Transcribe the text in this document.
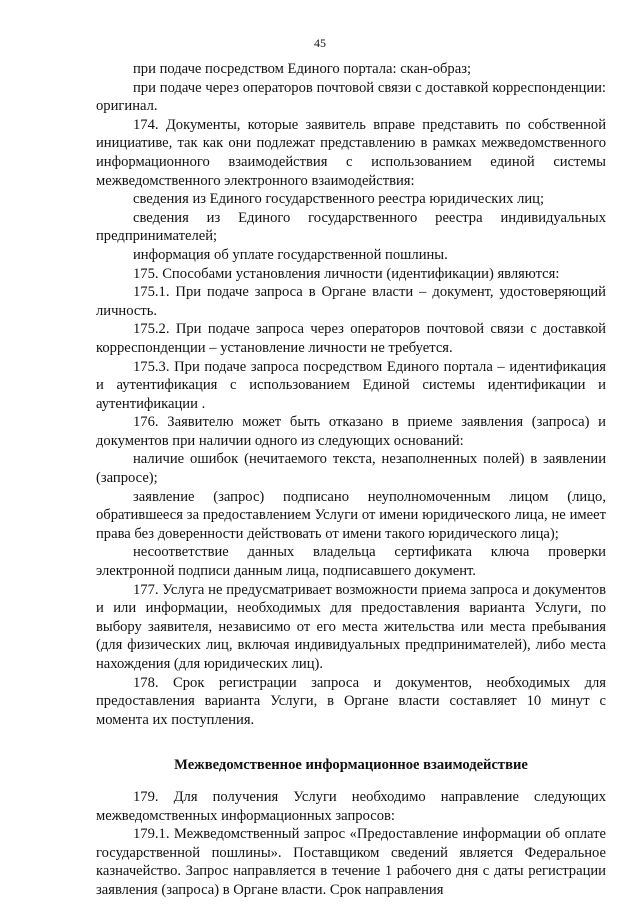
45

при подаче посредством Единого портала: скан-образ;

при подаче через операторов почтовой связи с доставкой корреспонденции: оригинал.

174. Документы, которые заявитель вправе представить по собственной инициативе, так как они подлежат представлению в рамках межведомственного информационного взаимодействия с использованием единой системы межведомственного электронного взаимодействия:

сведения из Единого государственного реестра юридических лиц;

сведения из Единого государственного реестра индивидуальных предпринимателей;

информация об уплате государственной пошлины.

175. Способами установления личности (идентификации) являются:

175.1. При подаче запроса в Органе власти – документ, удостоверяющий личность.

175.2. При подаче запроса через операторов почтовой связи с доставкой корреспонденции – установление личности не требуется.

175.3. При подаче запроса посредством Единого портала – идентификация и аутентификация с использованием Единой системы идентификации и аутентификации .

176. Заявителю может быть отказано в приеме заявления (запроса) и документов при наличии одного из следующих оснований:

наличие ошибок (нечитаемого текста, незаполненных полей) в заявлении (запросе);

заявление (запрос) подписано неуполномоченным лицом (лицо, обратившееся за предоставлением Услуги от имени юридического лица, не имеет права без доверенности действовать от имени такого юридического лица);

несоответствие данных владельца сертификата ключа проверки электронной подписи данным лица, подписавшего документ.

177. Услуга не предусматривает возможности приема запроса и документов и или информации, необходимых для предоставления варианта Услуги, по выбору заявителя, независимо от его места жительства или места пребывания (для физических лиц, включая индивидуальных предпринимателей), либо места нахождения (для юридических лиц).

178. Срок регистрации запроса и документов, необходимых для предоставления варианта Услуги, в Органе власти составляет 10 минут с момента их поступления.

Межведомственное информационное взаимодействие

179. Для получения Услуги необходимо направление следующих межведомственных информационных запросов:

179.1. Межведомственный запрос «Предоставление информации об оплате государственной пошлины». Поставщиком сведений является Федеральное казначейство. Запрос направляется в течение 1 рабочего дня с даты регистрации заявления (запроса) в Органе власти. Срок направления
